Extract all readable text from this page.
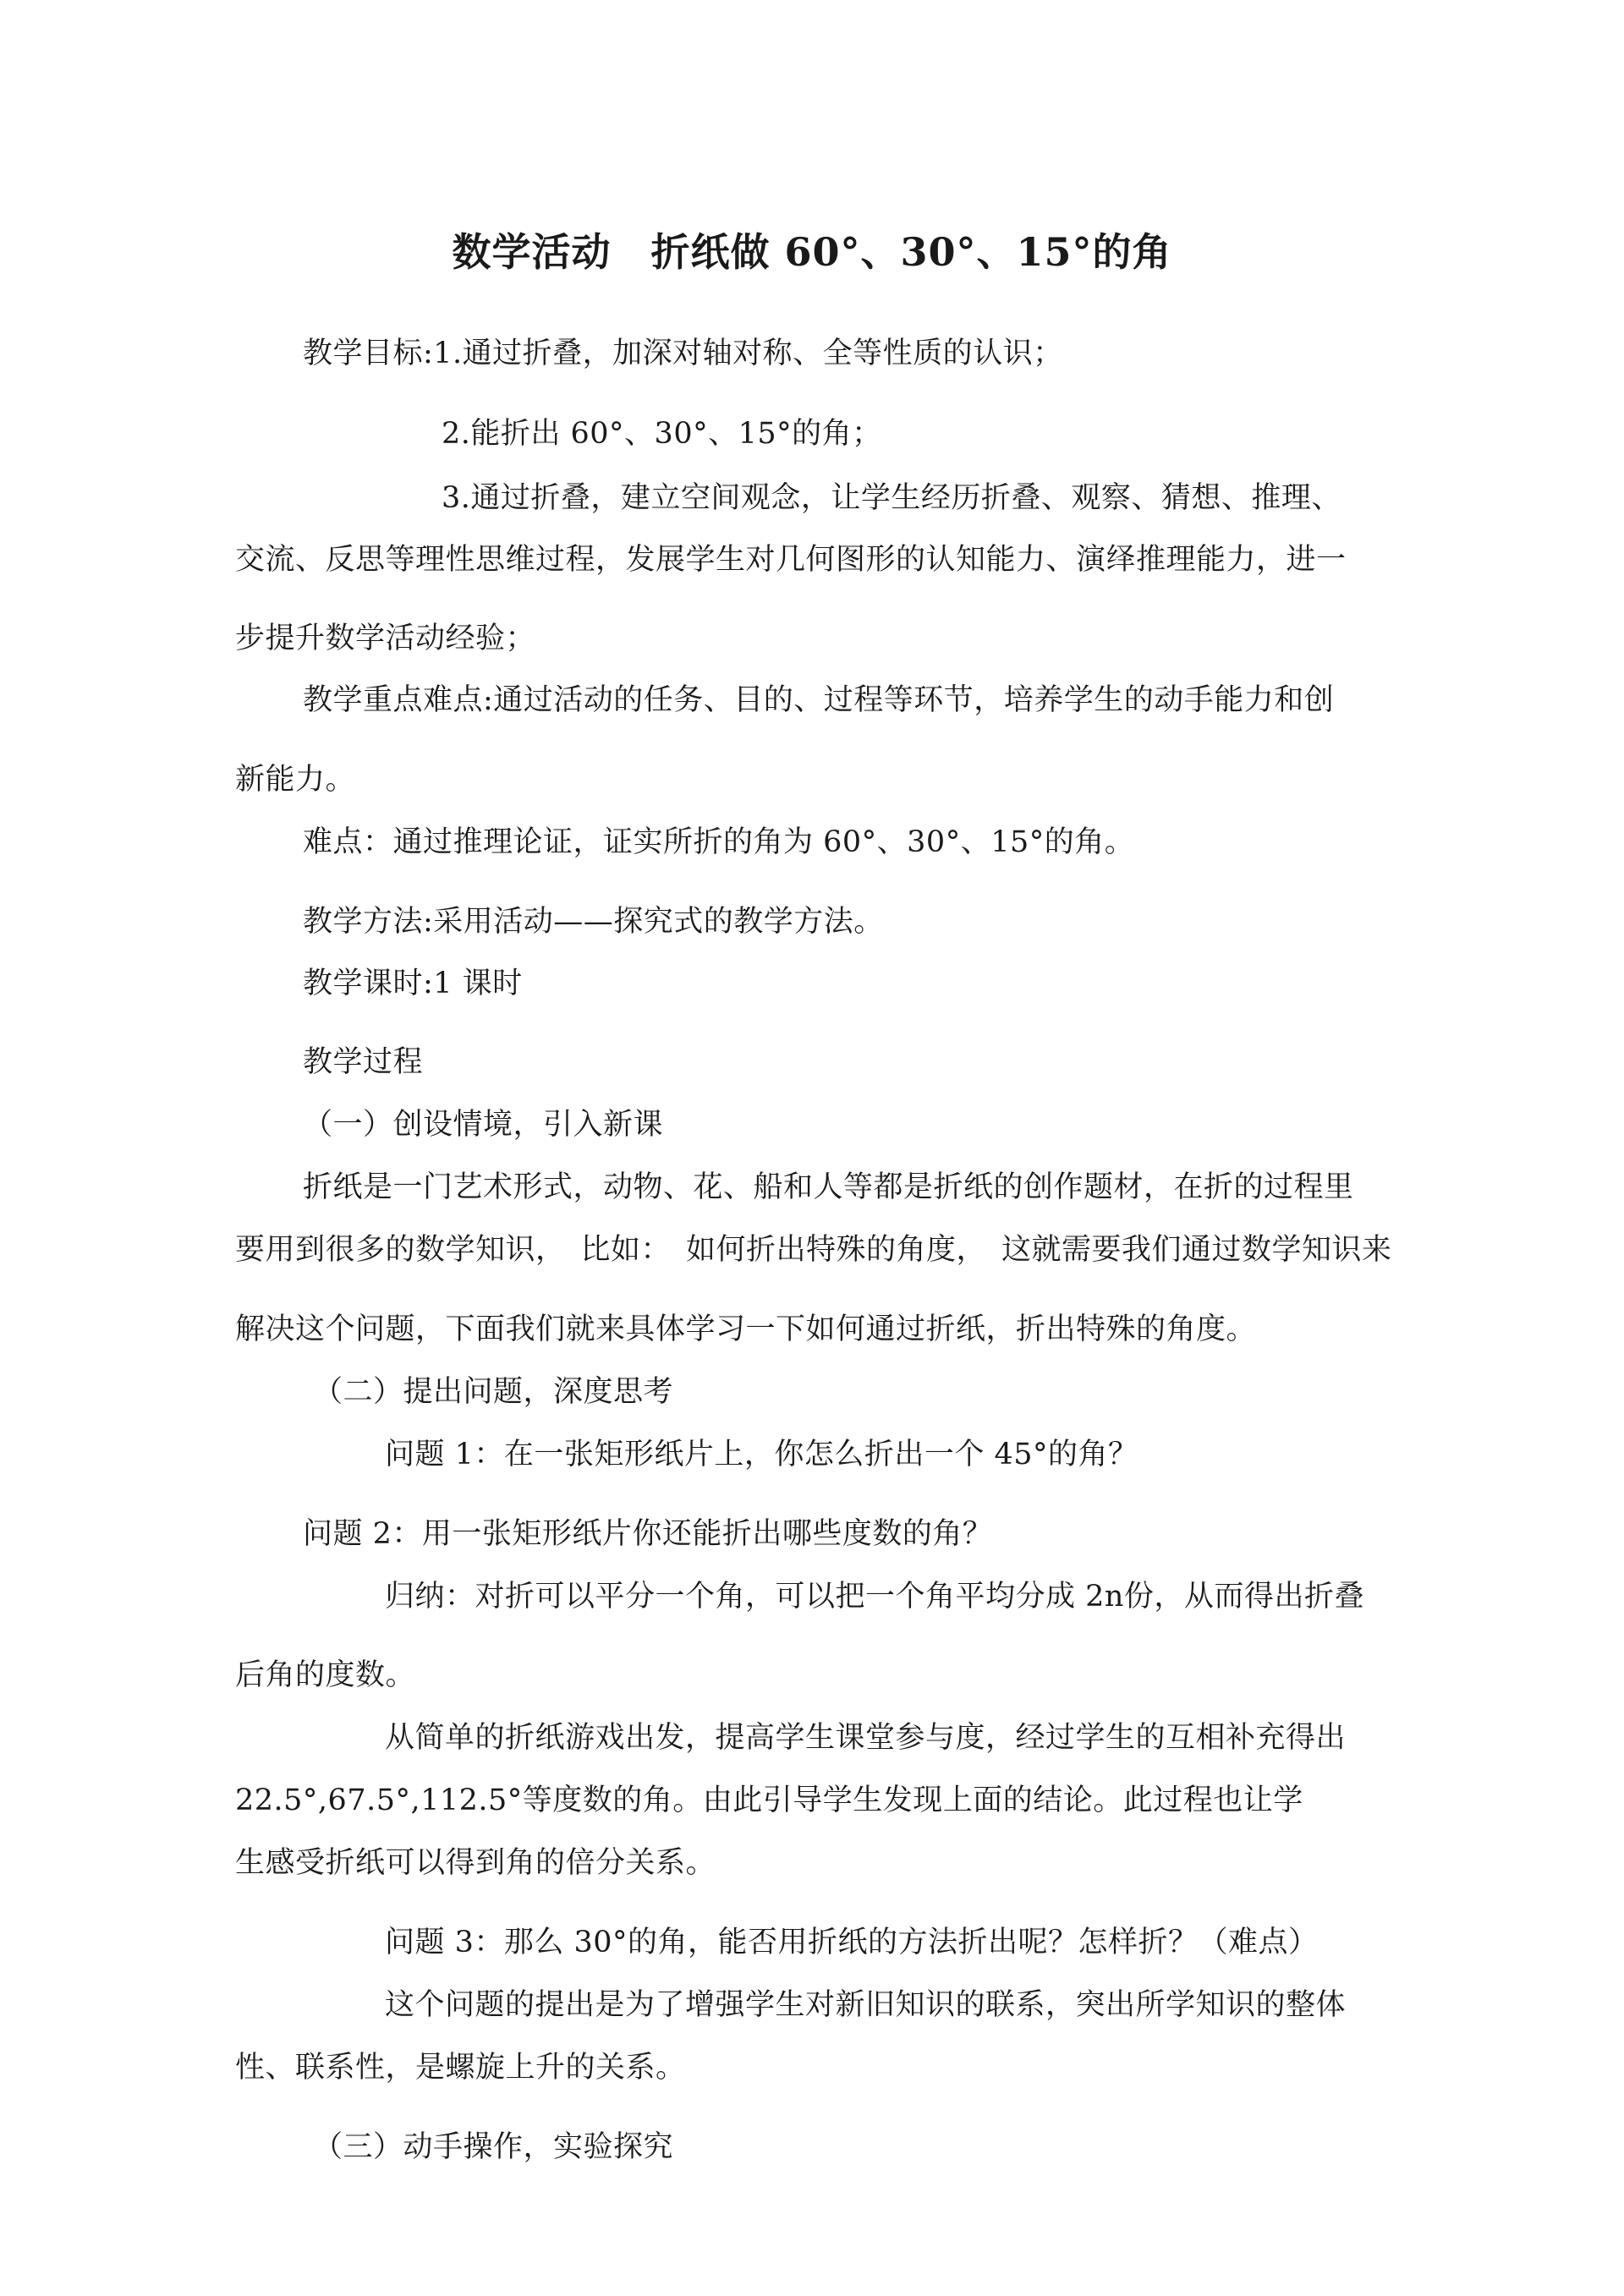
数学活动　折纸做 60°、30°、15°的角
教学目标:1.通过折叠，加深对轴对称、全等性质的认识；
2.能折出 60°、30°、15°的角；
3.通过折叠，建立空间观念，让学生经历折叠、观察、猜想、推理、
交流、反思等理性思维过程，发展学生对几何图形的认知能力、演绎推理能力，进一
步提升数学活动经验；
教学重点难点:通过活动的任务、目的、过程等环节，培养学生的动手能力和创
新能力。
难点：通过推理论证，证实所折的角为 60°、30°、15°的角。
教学方法:采用活动——探究式的教学方法。
教学课时:1 课时
教学过程
（一）创设情境，引入新课
折纸是一门艺术形式，动物、花、船和人等都是折纸的创作题材，在折的过程里
要用到很多的数学知识，　比如：　如何折出特殊的角度，　这就需要我们通过数学知识来
解决这个问题，下面我们就来具体学习一下如何通过折纸，折出特殊的角度。
（二）提出问题，深度思考
问题 1：在一张矩形纸片上，你怎么折出一个 45°的角？
问题 2：用一张矩形纸片你还能折出哪些度数的角？
归纳：对折可以平分一个角，可以把一个角平均分成 2n份，从而得出折叠
后角的度数。
从简单的折纸游戏出发，提高学生课堂参与度，经过学生的互相补充得出
22.5°,67.5°,112.5°等度数的角。由此引导学生发现上面的结论。此过程也让学
生感受折纸可以得到角的倍分关系。
问题 3：那么 30°的角，能否用折纸的方法折出呢？怎样折？（难点）
这个问题的提出是为了增强学生对新旧知识的联系，突出所学知识的整体
性、联系性，是螺旋上升的关系。
（三）动手操作，实验探究
